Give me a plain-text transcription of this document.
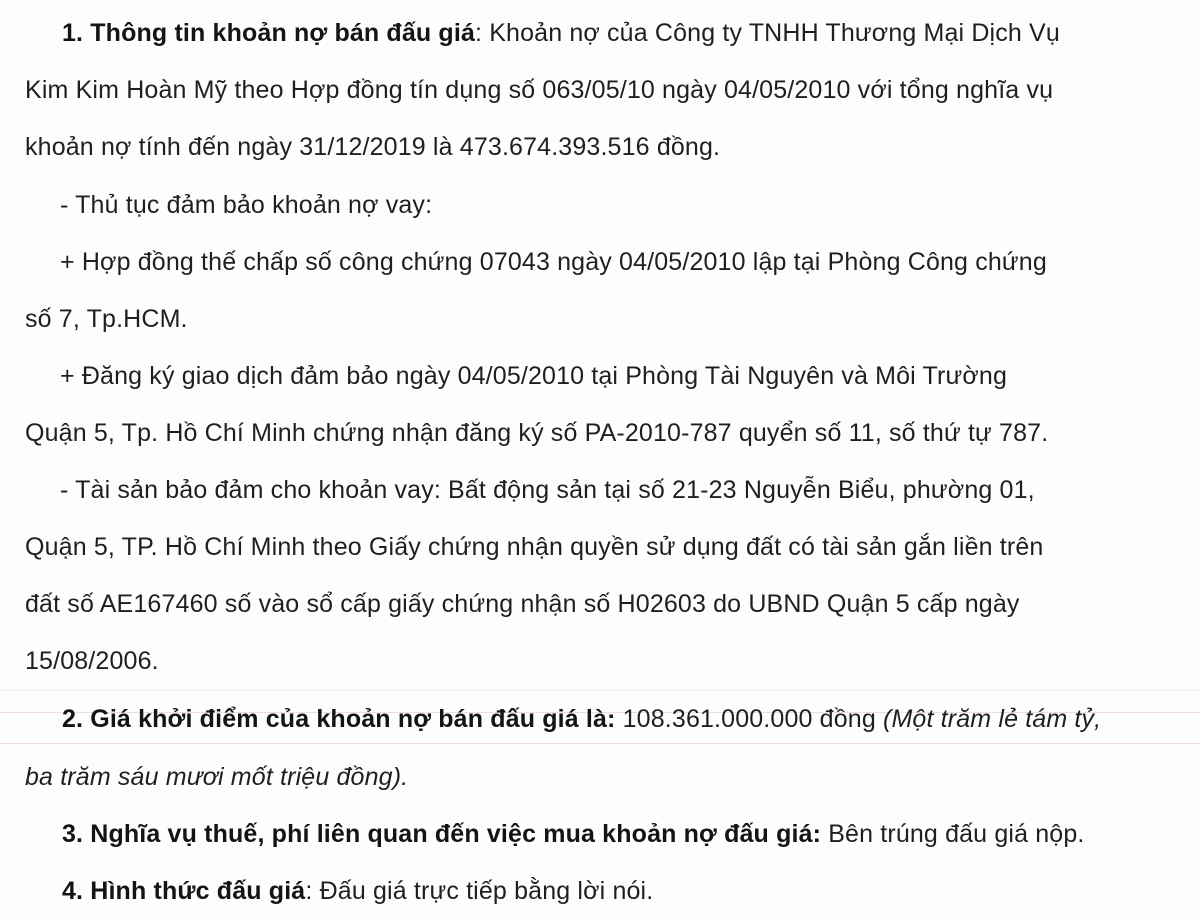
1. Thông tin khoản nợ bán đấu giá: Khoản nợ của Công ty TNHH Thương Mại Dịch Vụ
Kim Kim Hoàn Mỹ theo Hợp đồng tín dụng số 063/05/10 ngày 04/05/2010 với tổng nghĩa vụ
khoản nợ tính đến ngày 31/12/2019 là 473.674.393.516 đồng.
- Thủ tục đảm bảo khoản nợ vay:
+ Hợp đồng thế chấp số công chứng 07043 ngày 04/05/2010 lập tại Phòng Công chứng
số 7, Tp.HCM.
+ Đăng ký giao dịch đảm bảo ngày 04/05/2010 tại Phòng Tài Nguyên và Môi Trường
Quận 5, Tp. Hồ Chí Minh chứng nhận đăng ký số PA-2010-787 quyển số 11, số thứ tự 787.
- Tài sản bảo đảm cho khoản vay: Bất động sản tại số 21-23 Nguyễn Biểu, phường 01,
Quận 5, TP. Hồ Chí Minh theo Giấy chứng nhận quyền sử dụng đất có tài sản gắn liền trên
đất số AE167460 số vào sổ cấp giấy chứng nhận số H02603 do UBND Quận 5 cấp ngày
15/08/2006.
2. Giá khởi điểm của khoản nợ bán đấu giá là: 108.361.000.000 đồng (Một trăm lẻ tám tỷ,
ba trăm sáu mươi mốt triệu đồng).
3. Nghĩa vụ thuế, phí liên quan đến việc mua khoản nợ đấu giá: Bên trúng đấu giá nộp.
4. Hình thức đấu giá: Đấu giá trực tiếp bằng lời nói.
